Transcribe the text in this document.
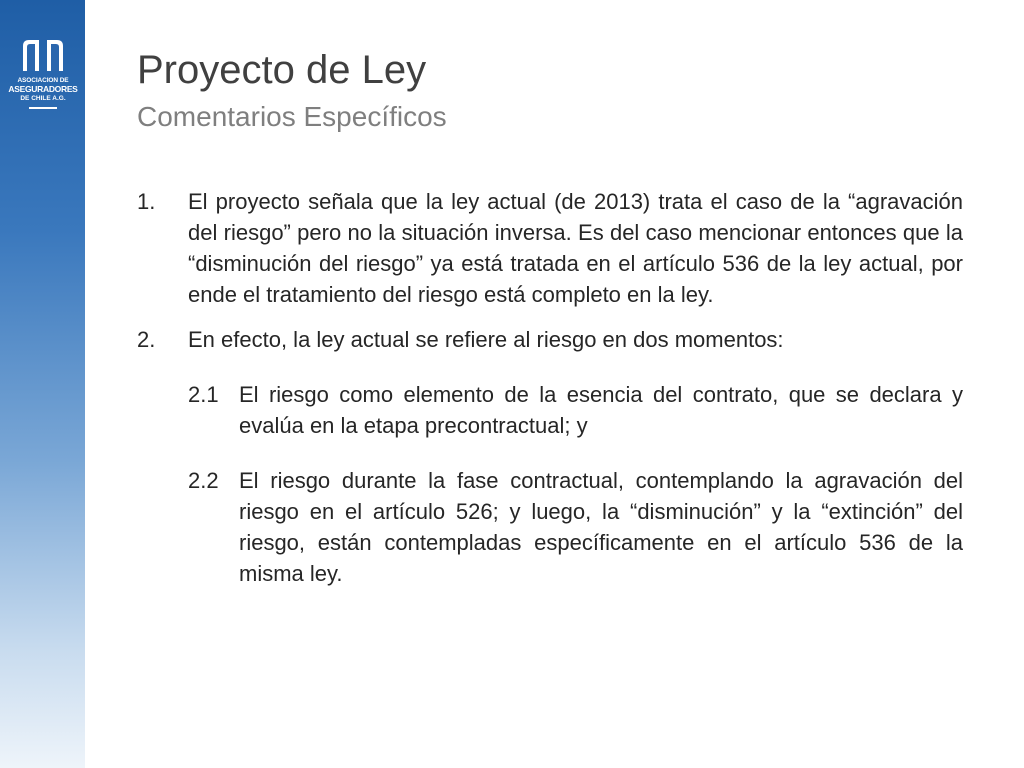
ASOCIACION DE
ASEGURADORES
DE CHILE A.G.
Proyecto de Ley
Comentarios Específicos
1.	El proyecto señala que la ley actual (de 2013) trata el caso de la “agravación del riesgo” pero no la situación inversa. Es del caso mencionar entonces que la “disminución del riesgo” ya está tratada en el artículo 536 de la ley actual, por ende el tratamiento del riesgo está completo en la ley.
2.	En efecto, la ley actual se refiere al riesgo en dos momentos:
2.1 El riesgo como elemento de la esencia del contrato, que se declara y evalúa en la etapa precontractual; y
2.2 El riesgo durante la fase contractual, contemplando la agravación del riesgo en el artículo 526; y luego, la “disminución” y la “extinción” del riesgo, están contempladas específicamente en el artículo 536 de la misma ley.
